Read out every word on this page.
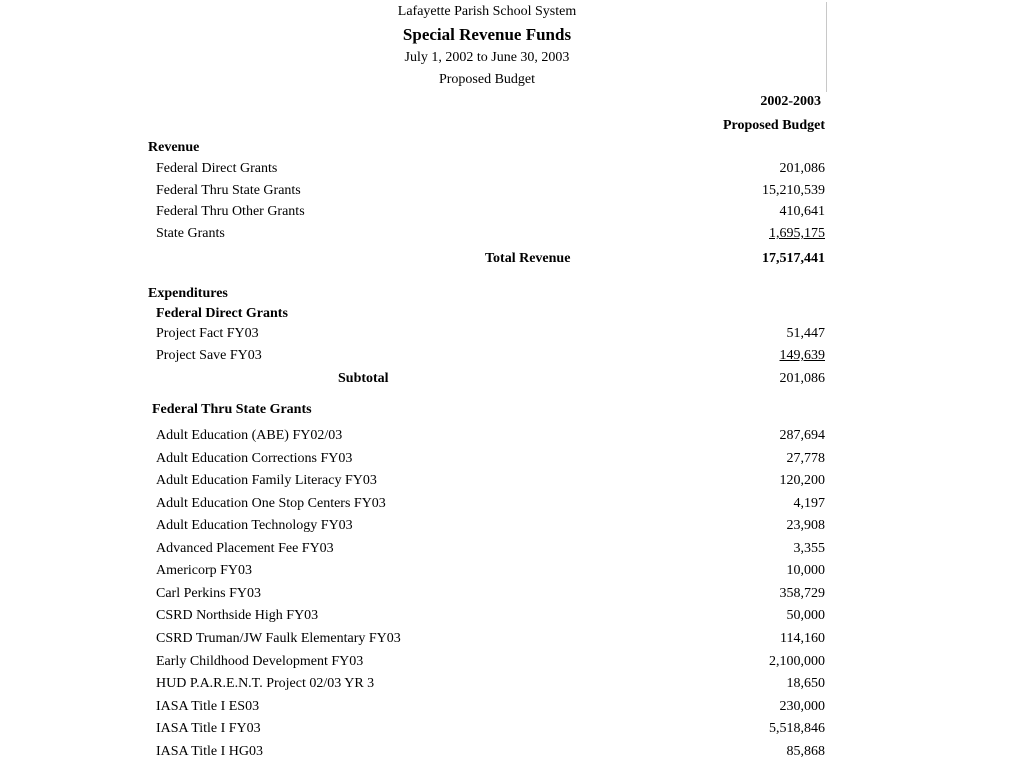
Lafayette Parish School System
Special Revenue Funds
July 1, 2002 to June 30, 2003
Proposed Budget
2002-2003
Proposed Budget
Revenue
Federal Direct Grants	201,086
Federal Thru State Grants	15,210,539
Federal Thru Other Grants	410,641
State Grants	1,695,175
Total Revenue	17,517,441
Expenditures
Federal Direct Grants
Project Fact FY03	51,447
Project Save FY03	149,639
Subtotal	201,086
Federal Thru State Grants
Adult Education (ABE) FY02/03	287,694
Adult Education Corrections FY03	27,778
Adult Education Family Literacy FY03	120,200
Adult Education One Stop Centers FY03	4,197
Adult Education Technology FY03	23,908
Advanced Placement Fee FY03	3,355
Americorp FY03	10,000
Carl Perkins FY03	358,729
CSRD Northside High FY03	50,000
CSRD Truman/JW Faulk Elementary FY03	114,160
Early Childhood Development FY03	2,100,000
HUD P.A.R.E.N.T. Project 02/03 YR 3	18,650
IASA Title I ES03	230,000
IASA Title I FY03	5,518,846
IASA Title I HG03	85,868
